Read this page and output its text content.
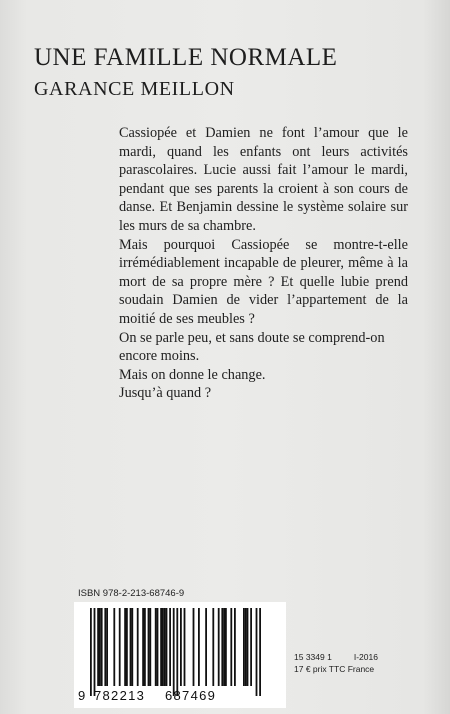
UNE FAMILLE NORMALE
GARANCE MEILLON

Cassiopée et Damien ne font l’amour que le mardi, quand les enfants ont leurs activités parascolaires. Lucie aussi fait l’amour le mardi, pendant que ses parents la croient à son cours de danse. Et Benjamin dessine le système solaire sur les murs de sa chambre.

Mais pourquoi Cassiopée se montre-t-elle irrémédiablement incapable de pleurer, même à la mort de sa propre mère ? Et quelle lubie prend soudain Damien de vider l’appartement de la moitié de ses meubles ?

On se parle peu, et sans doute se comprend-on encore moins.

Mais on donne le change.

Jusqu’à quand ?

ISBN 978-2-213-68746-9
9 782213 687469
15 3349 1	I-2016
17 € prix TTC France
